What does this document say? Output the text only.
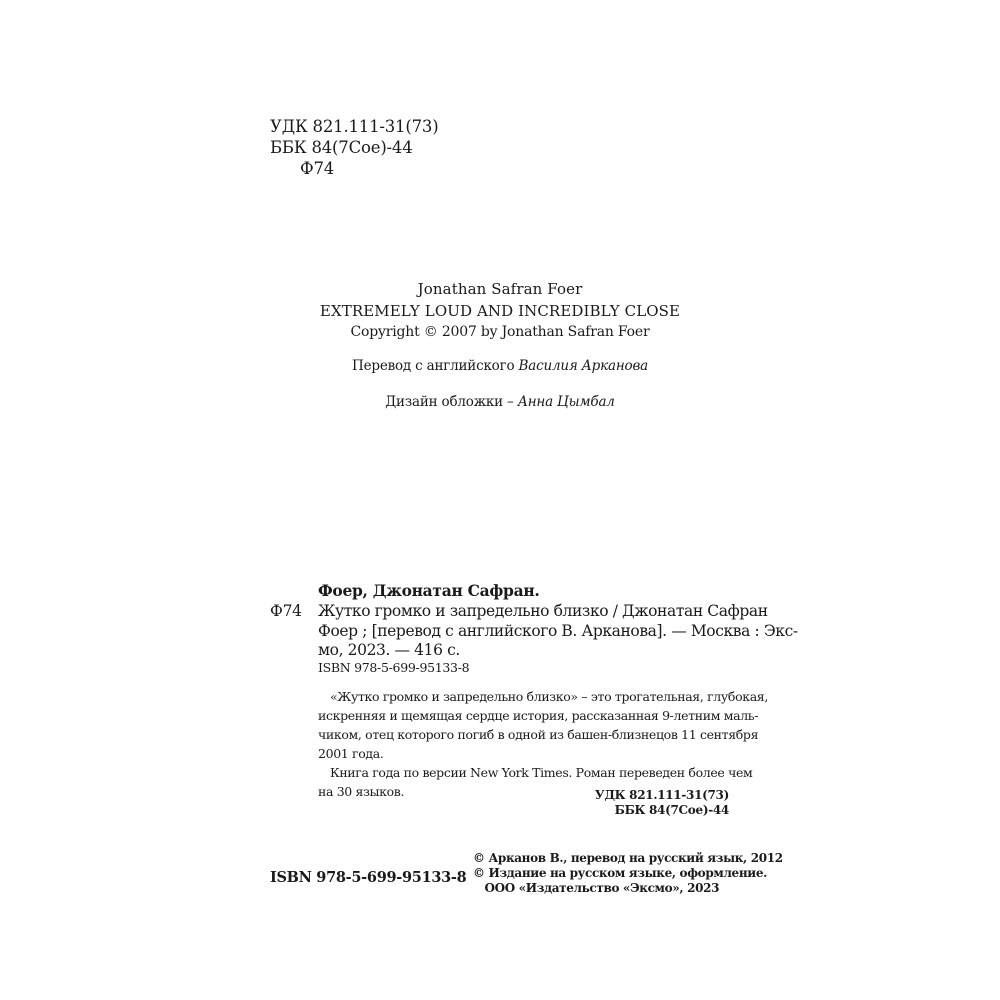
УДК 821.111-31(73)
ББК 84(7Сое)-44
Ф74
Jonathan Safran Foer
EXTREMELY LOUD AND INCREDIBLY CLOSE
Copyright © 2007 by Jonathan Safran Foer
Перевод с английского Василия Арканова
Дизайн обложки – Анна Цымбал
Фоер, Джонатан Сафран.
Ф74 Жутко громко и запредельно близко / Джонатан Сафран
Фоер ; [перевод с английского В. Арканова]. — Москва : Экс-
мо, 2023. — 416 с.
ISBN 978-5-699-95133-8
«Жутко громко и запредельно близко» – это трогательная, глубокая,
искренняя и щемящая сердце история, рассказанная 9-летним маль-
чиком, отец которого погиб в одной из башен-близнецов 11 сентября
2001 года.
Книга года по версии New York Times. Роман переведен более чем
на 30 языков.	УДК 821.111-31(73)
ББК 84(7Сое)-44
ISBN 978-5-699-95133-8
© Арканов В., перевод на русский язык, 2012
© Издание на русском языке, оформление.
ООО «Издательство «Эксмо», 2023
